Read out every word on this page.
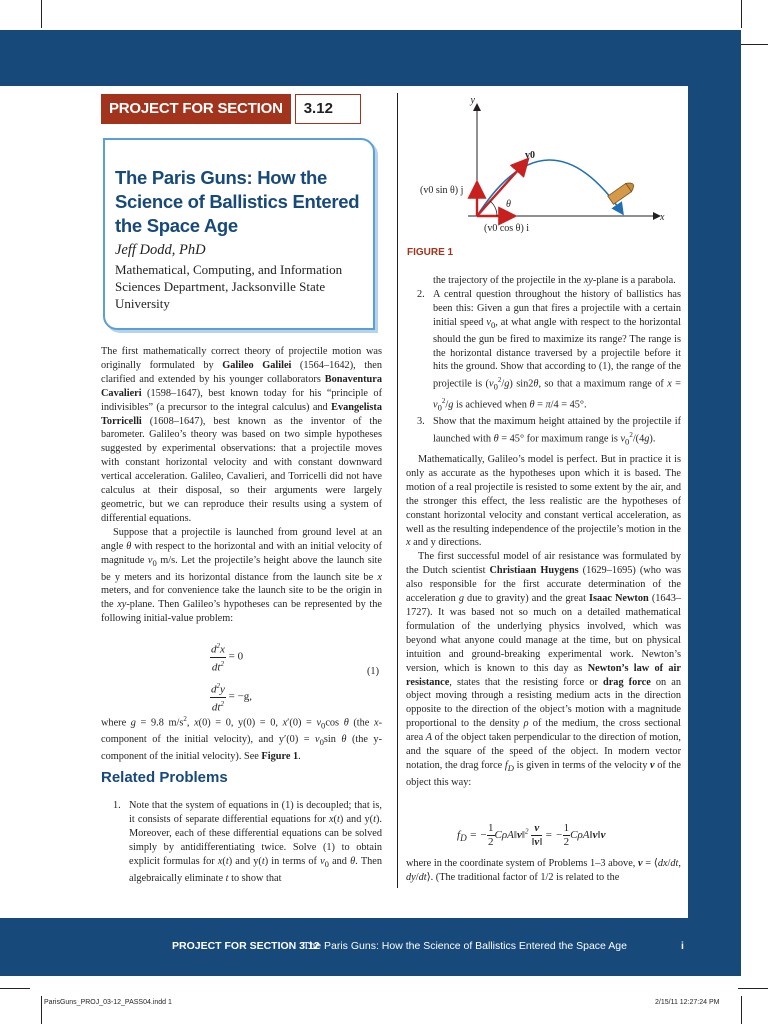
PROJECT FOR SECTION	3.12
The Paris Guns: How the Science of Ballistics Entered the Space Age
Jeff Dodd, PhD
Mathematical, Computing, and Information Sciences Department, Jacksonville State University

The first mathematically correct theory of projectile motion was originally formulated by Galileo Galilei (1564–1642), then clarified and extended by his younger collaborators Bonaventura Cavalieri (1598–1647), best known today for his “principle of indivisibles” (a precursor to the integral calculus) and Evangelista Torricelli (1608–1647), best known as the inventor of the barometer. Galileo’s theory was based on two simple hypotheses suggested by experimental observations: that a projectile moves with constant horizontal velocity and with constant downward vertical acceleration. Galileo, Cavalieri, and Torricelli did not have calculus at their disposal, so their arguments were largely geometric, but we can reproduce their results using a system of differential equations.

Suppose that a projectile is launched from ground level at an angle θ with respect to the horizontal and with an initial velocity of magnitude $v_0$ m/s. Let the projectile’s height above the launch site be y meters and its horizontal distance from the launch site be x meters, and for convenience take the launch site to be the origin in the xy-plane. Then Galileo’s hypotheses can be represented by the following initial-value problem:

$\frac{d^2x}{dt^2} = 0$
$\frac{d^2y}{dt^2} = -g$,
(1)

where g = 9.8 $m/s^2$, x(0) = 0, y(0) = 0, $x'(0) = v_0\cos$ θ (the x-component of the initial velocity), and $y'(0) = v_0\sin$ θ (the y-component of the initial velocity). See Figure 1.

Related Problems
1. Note that the system of equations in (1) is decoupled; that is, it consists of separate differential equations for x(t) and y(t). Moreover, each of these differential equations can be solved simply by antidifferentiating twice. Solve (1) to obtain explicit formulas for x(t) and y(t) in terms of $v_0$ and θ. Then algebraically eliminate t to show that
y
x
v0
(v0 sin θ) j
(v0 cos θ) i
θ
FIGURE 1
the trajectory of the projectile in the xy-plane is a parabola.
2. A central question throughout the history of ballistics has been this: Given a gun that fires a projectile with a certain initial speed $v_0$, at what angle with respect to the horizontal should the gun be fired to maximize its range? The range is the horizontal distance traversed by a projectile before it hits the ground. Show that according to (1), the range of the projectile is $(v_0^2/g)$ sin2θ, so that a maximum range of $x = v_0^2/g$ is achieved when θ = π/4 = 45°.
3. Show that the maximum height attained by the projectile if launched with θ = 45° for maximum range is $v_0^2/(4g)$.

Mathematically, Galileo’s model is perfect. But in practice it is only as accurate as the hypotheses upon which it is based. The motion of a real projectile is resisted to some extent by the air, and the stronger this effect, the less realistic are the hypotheses of constant horizontal velocity and constant vertical acceleration, as well as the resulting independence of the projectile’s motion in the x and y directions.

The first successful model of air resistance was formulated by the Dutch scientist Christiaan Huygens (1629–1695) (who was also responsible for the first accurate determination of the acceleration g due to gravity) and the great Isaac Newton (1643–1727). It was based not so much on a detailed mathematical formulation of the underlying physics involved, which was beyond what anyone could manage at the time, but on physical intuition and ground-breaking experimental work. Newton’s version, which is known to this day as Newton’s law of air resistance, states that the resisting force or drag force on an object moving through a resisting medium acts in the direction opposite to the direction of the object’s motion with a magnitude proportional to the density ρ of the medium, the cross sectional area A of the object taken perpendicular to the direction of motion, and the square of the speed of the object. In modern vector notation, the drag force $f_D$ is given in terms of the velocity v of the object this way:

$f_D$ = − $\frac{1}{2}$ CρA‖v‖$^2$ $\frac{v}{‖v‖}$ = − $\frac{1}{2}$ CρA‖v‖v

where in the coordinate system of Problems 1–3 above, v = ⟨dx/dt, dy/dt⟩. (The traditional factor of 1/2 is related to the

PROJECT FOR SECTION 3.12
The Paris Guns: How the Science of Ballistics Entered the Space Age	i
ParisGuns_PROJ_03-12_PASS04.indd 1	2/15/11 12:27:24 PM
